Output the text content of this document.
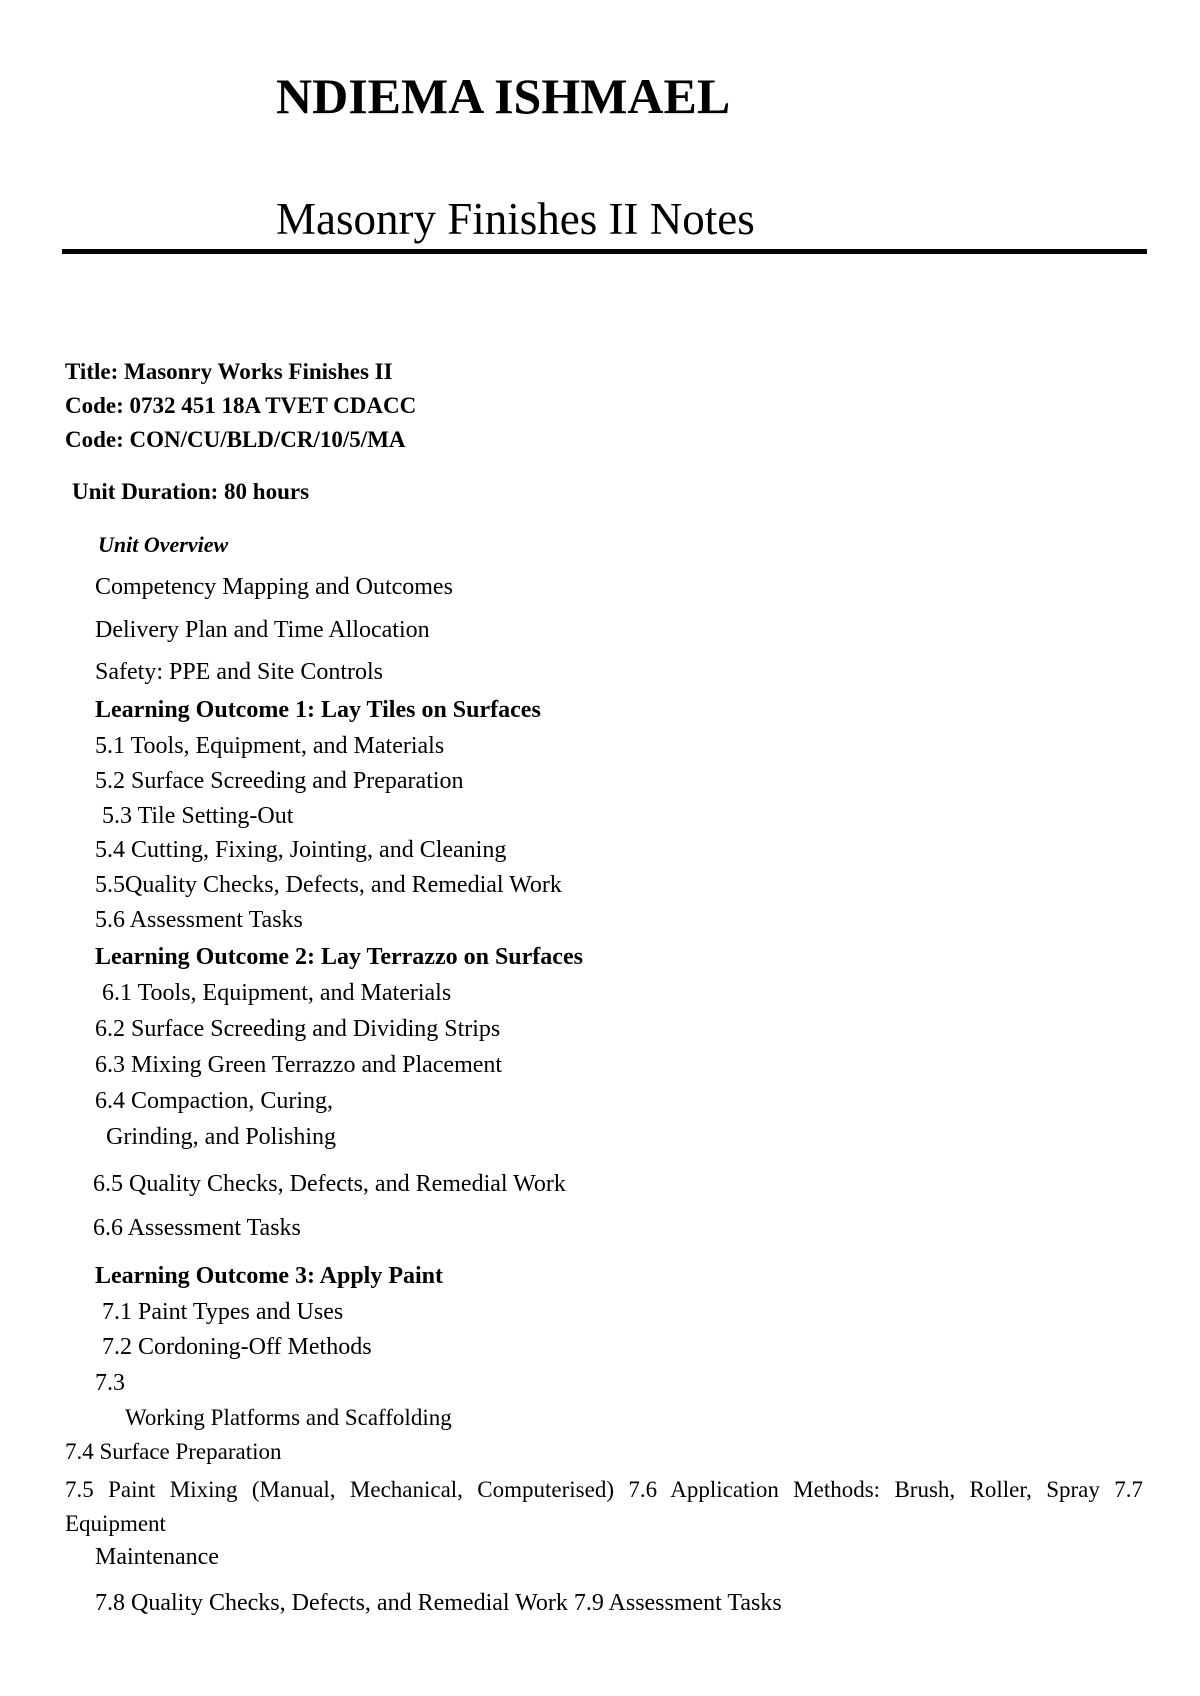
NDIEMA ISHMAEL
Masonry Finishes II Notes
Title: Masonry Works Finishes II
Code: 0732 451 18A TVET CDACC
Code: CON/CU/BLD/CR/10/5/MA
Unit Duration: 80 hours
Unit Overview
Competency Mapping and Outcomes
Delivery Plan and Time Allocation
Safety: PPE and Site Controls
Learning Outcome 1: Lay Tiles on Surfaces
5.1 Tools, Equipment, and Materials
5.2 Surface Screeding and Preparation
5.3 Tile Setting-Out
5.4 Cutting, Fixing, Jointing, and Cleaning
5.5Quality Checks, Defects, and Remedial Work
5.6 Assessment Tasks
Learning Outcome 2: Lay Terrazzo on Surfaces
6.1 Tools, Equipment, and Materials
6.2 Surface Screeding and Dividing Strips
6.3 Mixing Green Terrazzo and Placement
6.4 Compaction, Curing,
Grinding, and Polishing
6.5 Quality Checks, Defects, and Remedial Work
6.6 Assessment Tasks
Learning Outcome 3: Apply Paint
7.1 Paint Types and Uses
7.2 Cordoning-Off Methods
7.3
Working Platforms and Scaffolding
7.4 Surface Preparation
7.5 Paint Mixing (Manual, Mechanical, Computerised) 7.6 Application Methods: Brush, Roller, Spray 7.7 Equipment
Maintenance
7.8 Quality Checks, Defects, and Remedial Work 7.9 Assessment Tasks
